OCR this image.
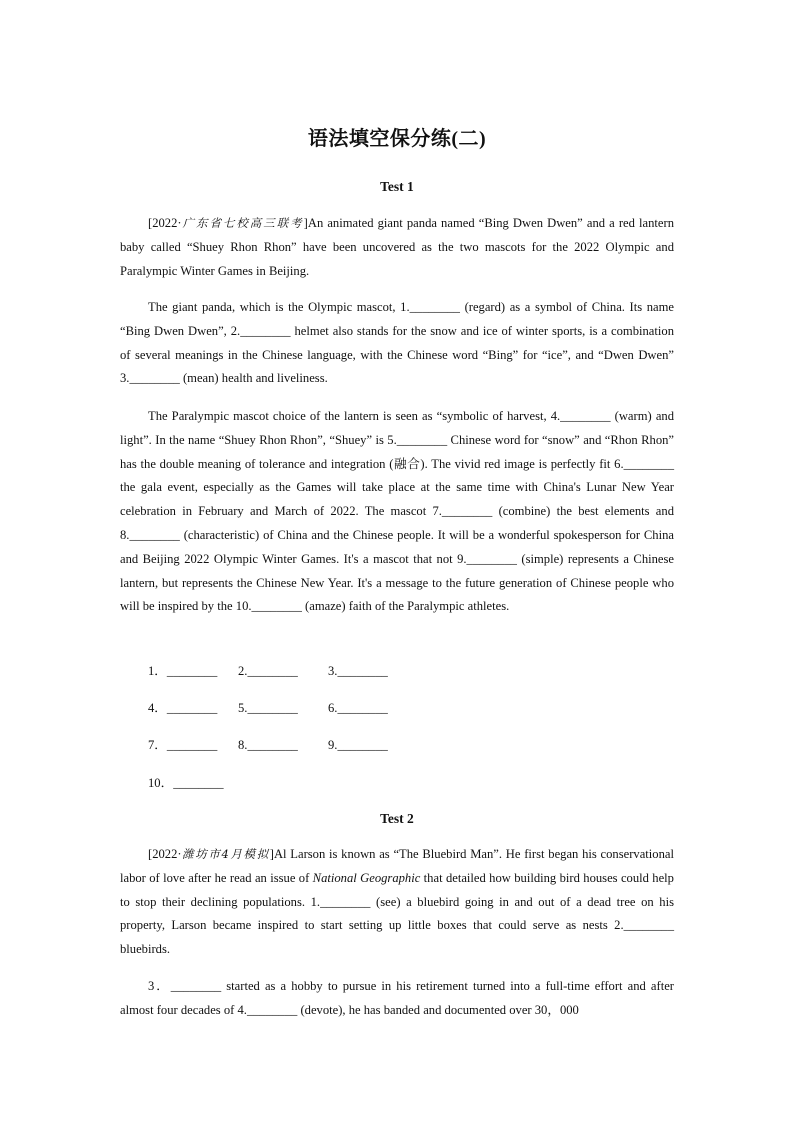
语法填空保分练(二)
Test 1

[2022·广东省七校高三联考]An animated giant panda named “Bing Dwen Dwen” and a red lantern baby called “Shuey Rhon Rhon” have been uncovered as the two mascots for the 2022 Olympic and Paralympic Winter Games in Beijing.

The giant panda, which is the Olympic mascot, 1.________ (regard) as a symbol of China. Its name “Bing Dwen Dwen”, 2.________ helmet also stands for the snow and ice of winter sports, is a combination of several meanings in the Chinese language, with the Chinese word “Bing” for “ice”, and “Dwen Dwen” 3.________ (mean) health and liveliness.

The Paralympic mascot choice of the lantern is seen as “symbolic of harvest, 4.________ (warm) and light”. In the name “Shuey Rhon Rhon”, “Shuey” is 5.________ Chinese word for “snow” and “Rhon Rhon” has the double meaning of tolerance and integration (融合). The vivid red image is perfectly fit 6.________ the gala event, especially as the Games will take place at the same time with China's Lunar New Year celebration in February and March of 2022. The mascot 7.________ (combine) the best elements and 8.________ (characteristic) of China and the Chinese people. It will be a wonderful spokesperson for China and Beijing 2022 Olympic Winter Games. It's a mascot that not 9.________ (simple) represents a Chinese lantern, but represents the Chinese New Year. It's a message to the future generation of Chinese people who will be inspired by the 10.________ (amaze) faith of the Paralympic athletes.

1．________ 2.________ 3.________
4．________ 5.________ 6.________
7．________ 8.________ 9.________
10．________
Test 2

[2022·潍坊市4月模拟]Al Larson is known as “The Bluebird Man”. He first began his conservational labor of love after he read an issue of National Geographic that detailed how building bird houses could help to stop their declining populations. 1.________ (see) a bluebird going in and out of a dead tree on his property, Larson became inspired to start setting up little boxes that could serve as nests 2.________ bluebirds.

3．________ started as a hobby to pursue in his retirement turned into a full-time effort and after almost four decades of 4.________ (devote), he has banded and documented over 30，000
